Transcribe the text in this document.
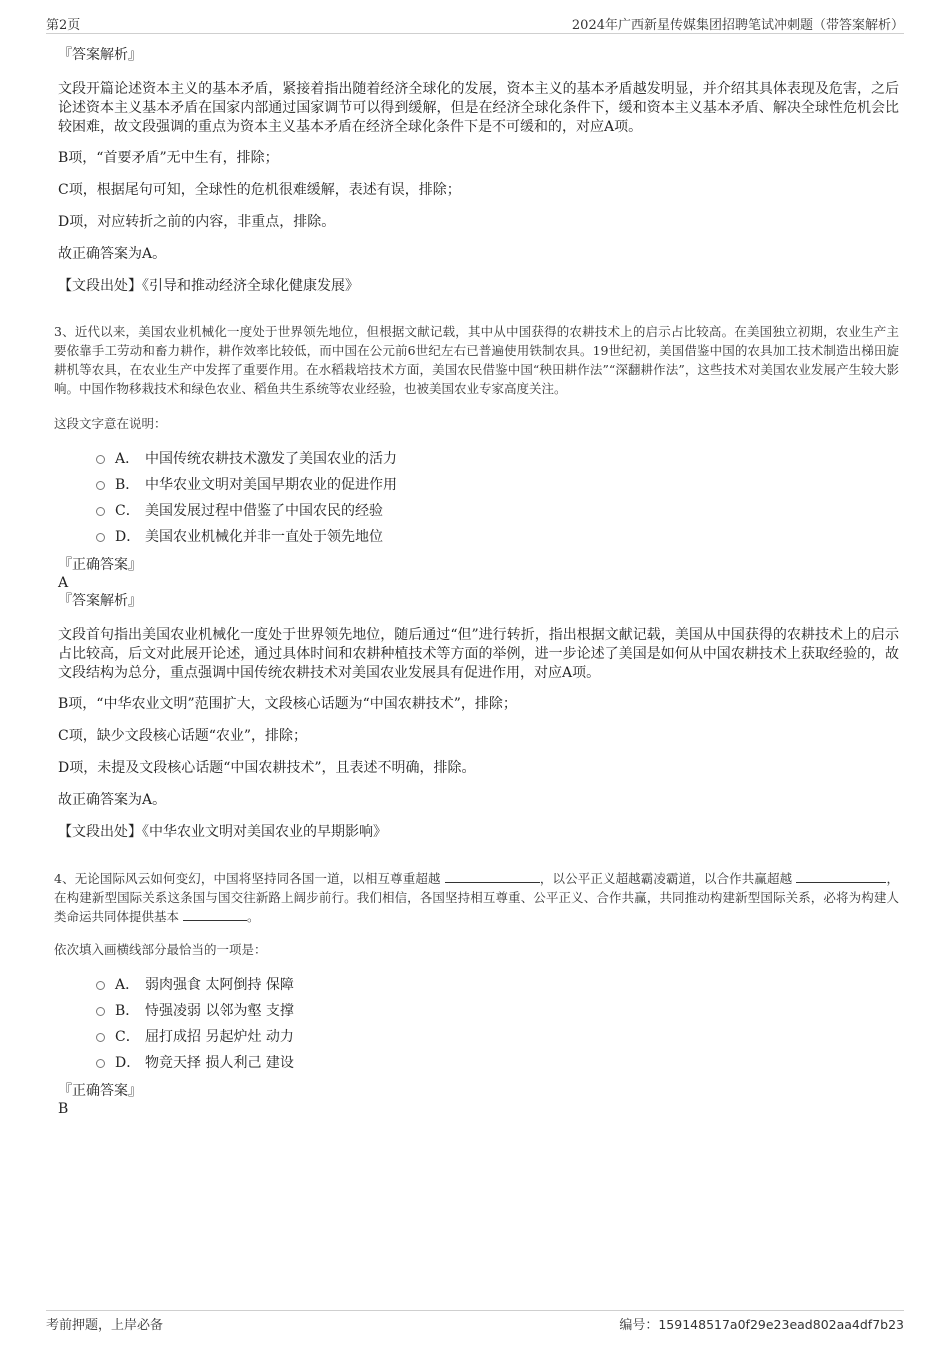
第2页	2024年广西新星传媒集团招聘笔试冲刺题（带答案解析）
『答案解析』
文段开篇论述资本主义的基本矛盾，紧接着指出随着经济全球化的发展，资本主义的基本矛盾越发明显，并介绍其具体表现及危害，之后论述资本主义基本矛盾在国家内部通过国家调节可以得到缓解，但是在经济全球化条件下，缓和资本主义基本矛盾、解决全球性危机会比较困难，故文段强调的重点为资本主义基本矛盾在经济全球化条件下是不可缓和的，对应A项。
B项，“首要矛盾”无中生有，排除；
C项，根据尾句可知，全球性的危机很难缓解，表述有误，排除；
D项，对应转折之前的内容，非重点，排除。
故正确答案为A。
【文段出处】《引导和推动经济全球化健康发展》
3、近代以来，美国农业机械化一度处于世界领先地位，但根据文献记载，其中从中国获得的农耕技术上的启示占比较高。在美国独立初期，农业生产主要依靠手工劳动和畜力耕作，耕作效率比较低，而中国在公元前6世纪左右已普遍使用铁制农具。19世纪初，美国借鉴中国的农具加工技术制造出梯田旋耕机等农具，在农业生产中发挥了重要作用。在水稻栽培技术方面，美国农民借鉴中国“秧田耕作法”“深翻耕作法”，这些技术对美国农业发展产生较大影响。中国作物移栽技术和绿色农业、稻鱼共生系统等农业经验，也被美国农业专家高度关注。
这段文字意在说明：
A． 中国传统农耕技术激发了美国农业的活力
B． 中华农业文明对美国早期农业的促进作用
C． 美国发展过程中借鉴了中国农民的经验
D． 美国农业机械化并非一直处于领先地位
『正确答案』
A
『答案解析』
文段首句指出美国农业机械化一度处于世界领先地位，随后通过“但”进行转折，指出根据文献记载，美国从中国获得的农耕技术上的启示占比较高，后文对此展开论述，通过具体时间和农耕种植技术等方面的举例，进一步论述了美国是如何从中国农耕技术上获取经验的，故文段结构为总分，重点强调中国传统农耕技术对美国农业发展具有促进作用，对应A项。
B项，“中华农业文明”范围扩大，文段核心话题为“中国农耕技术”，排除；
C项，缺少文段核心话题“农业”，排除；
D项，未提及文段核心话题“中国农耕技术”，且表述不明确，排除。
故正确答案为A。
【文段出处】《中华农业文明对美国农业的早期影响》
4、无论国际风云如何变幻，中国将坚持同各国一道，以相互尊重超越	，以公平正义超越霸凌霸道，以合作共赢超越	，在构建新型国际关系这条国与国交往新路上阔步前行。我们相信，各国坚持相互尊重、公平正义、合作共赢，共同推动构建新型国际关系，必将为构建人类命运共同体提供基本	。
依次填入画横线部分最恰当的一项是：
A． 弱肉强食 太阿倒持 保障
B． 恃强凌弱 以邻为壑 支撑
C． 屈打成招 另起炉灶 动力
D． 物竞天择 损人利己 建设
『正确答案』
B
考前押题，上岸必备	编号：159148517a0f29e23ead802aa4df7b23
